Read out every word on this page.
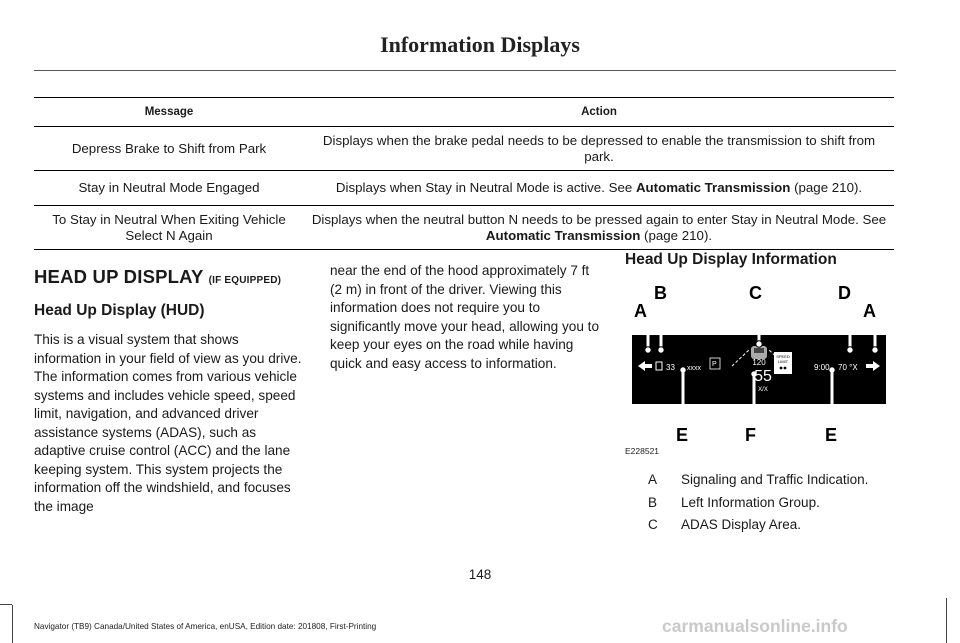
Information Displays
Message	Action
Depress Brake to Shift from Park	Displays when the brake pedal needs to be depressed to enable the transmission to shift from park.
Stay in Neutral Mode Engaged	Displays when Stay in Neutral Mode is active. See Automatic Transmission (page 210).
To Stay in Neutral When Exiting Vehicle Select N Again	Displays when the neutral button N needs to be pressed again to enter Stay in Neutral Mode. See Automatic Transmission (page 210).
HEAD UP DISPLAY (IF EQUIPPED)
Head Up Display (HUD)
This is a visual system that shows information in your field of view as you drive. The information comes from various vehicle systems and includes vehicle speed, speed limit, navigation, and advanced driver assistance systems (ADAS), such as adaptive cruise control (ACC) and the lane keeping system. This system projects the information off the windshield, and focuses the image
near the end of the hood approximately 7 ft (2 m) in front of the driver. Viewing this information does not require you to significantly move your head, allowing you to keep your eyes on the road while having quick and easy access to information.
Head Up Display Information
B	C	D
A	A
120
55
X/X
SPEED
LIMIT
33 xxxx
P	9:00 70 °X
E	F	E
E228521
A	Signaling and Traffic Indication.
B	Left Information Group.
C	ADAS Display Area.
148
Navigator (TB9) Canada/United States of America, enUSA, Edition date: 201808, First-Printing	carmanualsonline.info
